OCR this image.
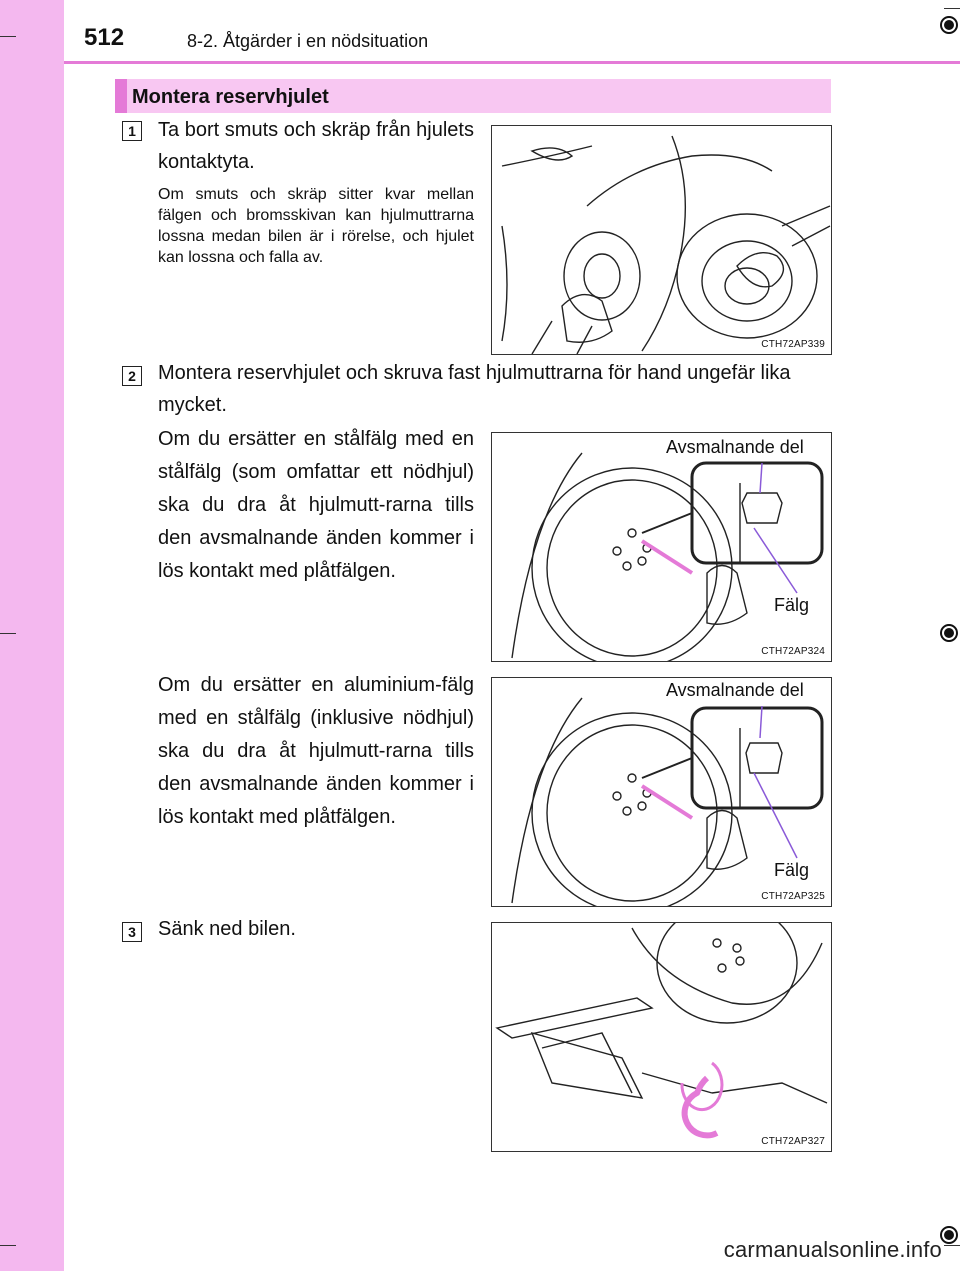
512	8-2. Åtgärder i en nödsituation
Montera reservhjulet
1	Ta bort smuts och skräp från hjulets kontaktyta.
Om smuts och skräp sitter kvar mellan fälgen och bromsskivan kan hjulmuttrarna lossna medan bilen är i rörelse, och hjulet kan lossna och falla av.
CTH72AP339
2	Montera reservhjulet och skruva fast hjulmuttrarna för hand ungefär lika mycket.
Om du ersätter en stålfälg med en stålfälg (som omfattar ett nödhjul) ska du dra åt hjulmutt-rarna tills den avsmalnande änden kommer i lös kontakt med plåtfälgen.
Om du ersätter en aluminium-fälg med en stålfälg (inklusive nödhjul) ska du dra åt hjulmutt-rarna tills den avsmalnande änden kommer i lös kontakt med plåtfälgen.
Avsmalnande del
Fälg
CTH72AP324
Avsmalnande del
Fälg
CTH72AP325
3	Sänk ned bilen.
CTH72AP327
carmanualsonline.info
